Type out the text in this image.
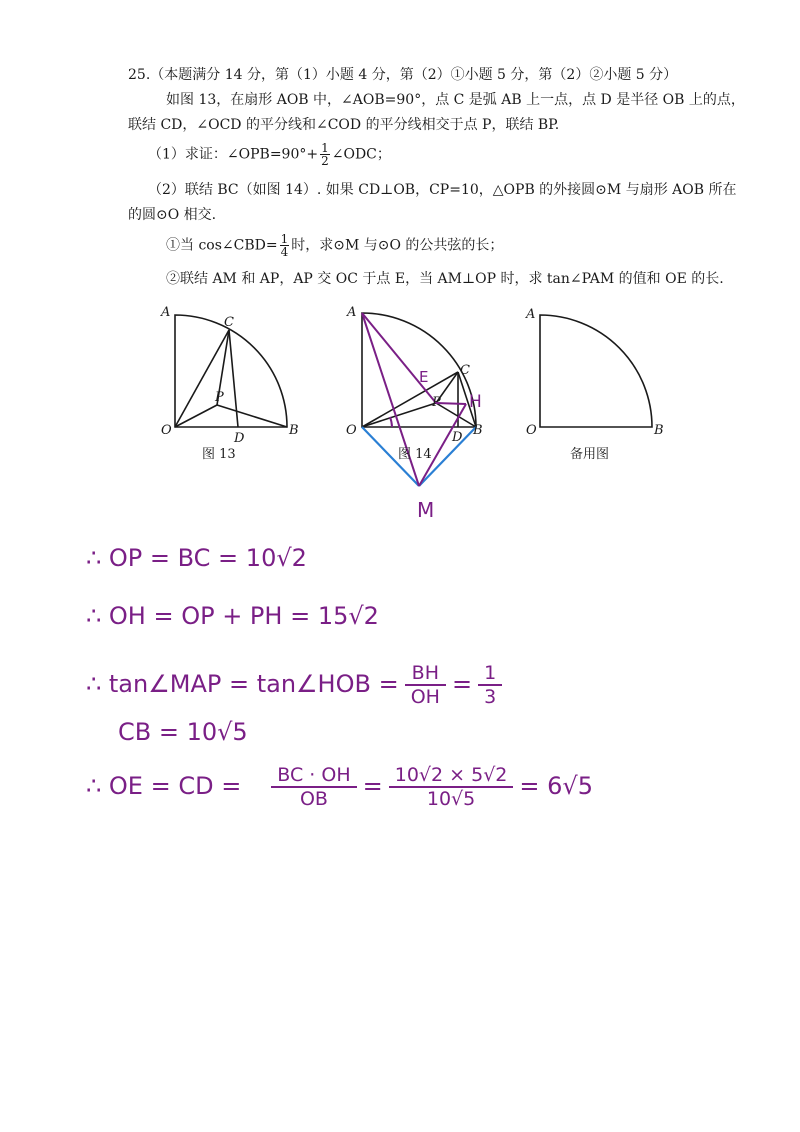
25.（本题满分 14 分，第（1）小题 4 分，第（2）①小题 5 分，第（2）②小题 5 分）
如图 13，在扇形 AOB 中，∠AOB=90°，点 C 是弧 AB 上一点，点 D 是半径 OB 上的点，
联结 CD，∠OCD 的平分线和∠COD 的平分线相交于点 P，联结 BP.
（1）求证：∠OPB=90°+ $\frac{1}{2}$ ∠ODC；
（2）联结 BC（如图 14）. 如果 CD⊥OB，CP=10，△OPB 的外接圆⊙M 与扇形 AOB 所在
的圆⊙O 相交.
①当 cos∠CBD= $\frac{1}{4}$ 时，求⊙M 与⊙O 的公共弦的长；
②联结 AM 和 AP，AP 交 OC 于点 E，当 AM⊥OP 时，求 tan∠PAM 的值和 OE 的长.
A
C
P
O
D
B
图 13
A
C
P
O	D B
图 14
E
H
M
A
O	B
备用图
∴ OP = BC = 10√2
∴ OH = OP + PH = 15√2
∴ tan∠MAP = tan∠HOB = $\frac{BH}{OH} = \frac{1}{3}$
CB = 10√5
∴ OE = CD = $\frac{BC \cdot OH}{OB} = \frac{10√2 \times 5√2}{10√5} = 6√5$
